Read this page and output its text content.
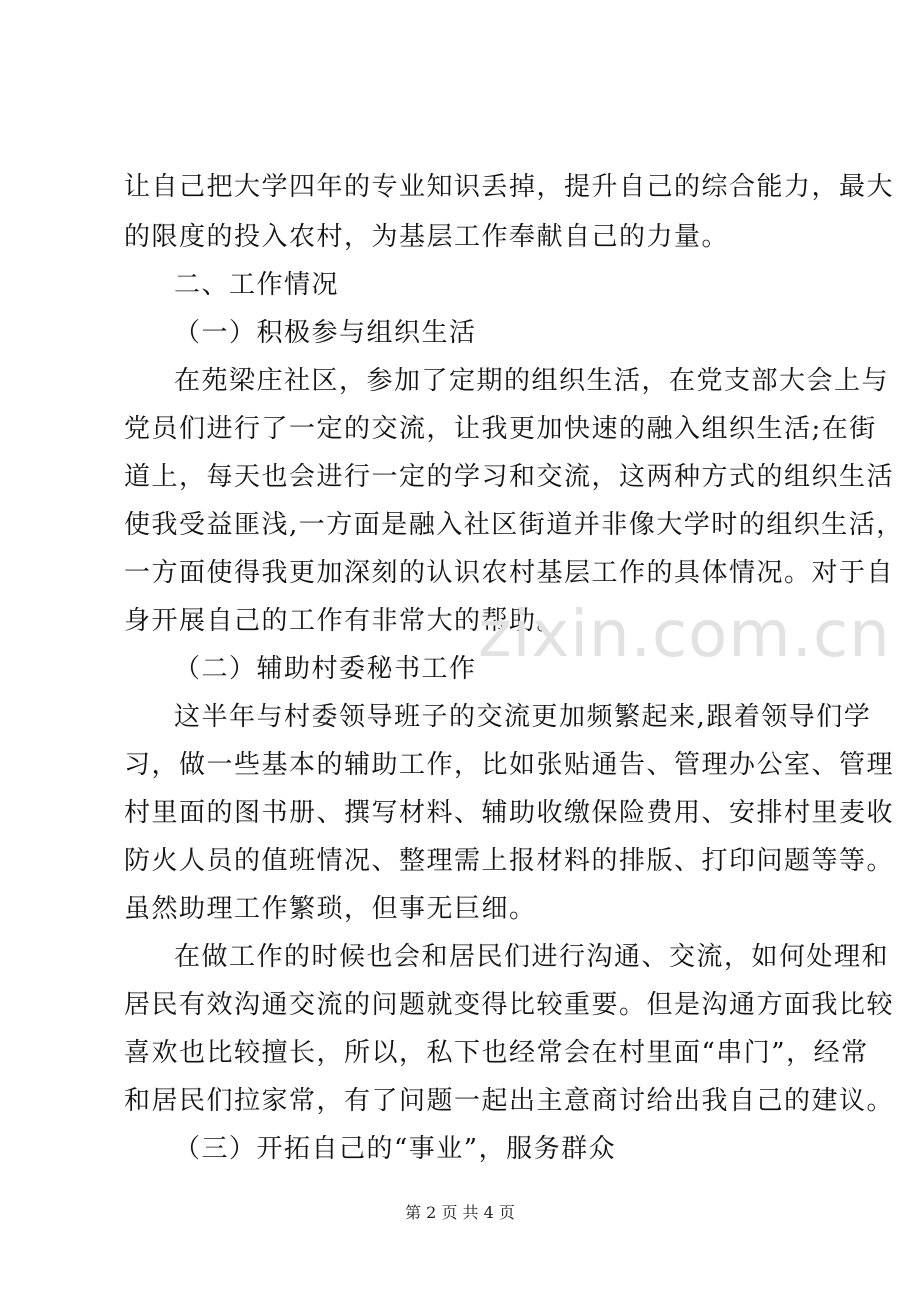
让自己把大学四年的专业知识丢掉，提升自己的综合能力，最大
的限度的投入农村，为基层工作奉献自己的力量。
二、工作情况
（一）积极参与组织生活
在苑梁庄社区，参加了定期的组织生活，在党支部大会上与
党员们进行了一定的交流，让我更加快速的融入组织生活;在街
道上，每天也会进行一定的学习和交流，这两种方式的组织生活
使我受益匪浅,一方面是融入社区街道并非像大学时的组织生活，
一方面使得我更加深刻的认识农村基层工作的具体情况。对于自
身开展自己的工作有非常大的帮助。
zixin.com.cn
（二）辅助村委秘书工作
这半年与村委领导班子的交流更加频繁起来,跟着领导们学
习，做一些基本的辅助工作，比如张贴通告、管理办公室、管理
村里面的图书册、撰写材料、辅助收缴保险费用、安排村里麦收
防火人员的值班情况、整理需上报材料的排版、打印问题等等。
虽然助理工作繁琐，但事无巨细。
在做工作的时候也会和居民们进行沟通、交流，如何处理和
居民有效沟通交流的问题就变得比较重要。但是沟通方面我比较
喜欢也比较擅长，所以，私下也经常会在村里面“串门”，经常
和居民们拉家常，有了问题一起出主意商讨给出我自己的建议。
（三）开拓自己的“事业”，服务群众
第 2 页 共 4 页
